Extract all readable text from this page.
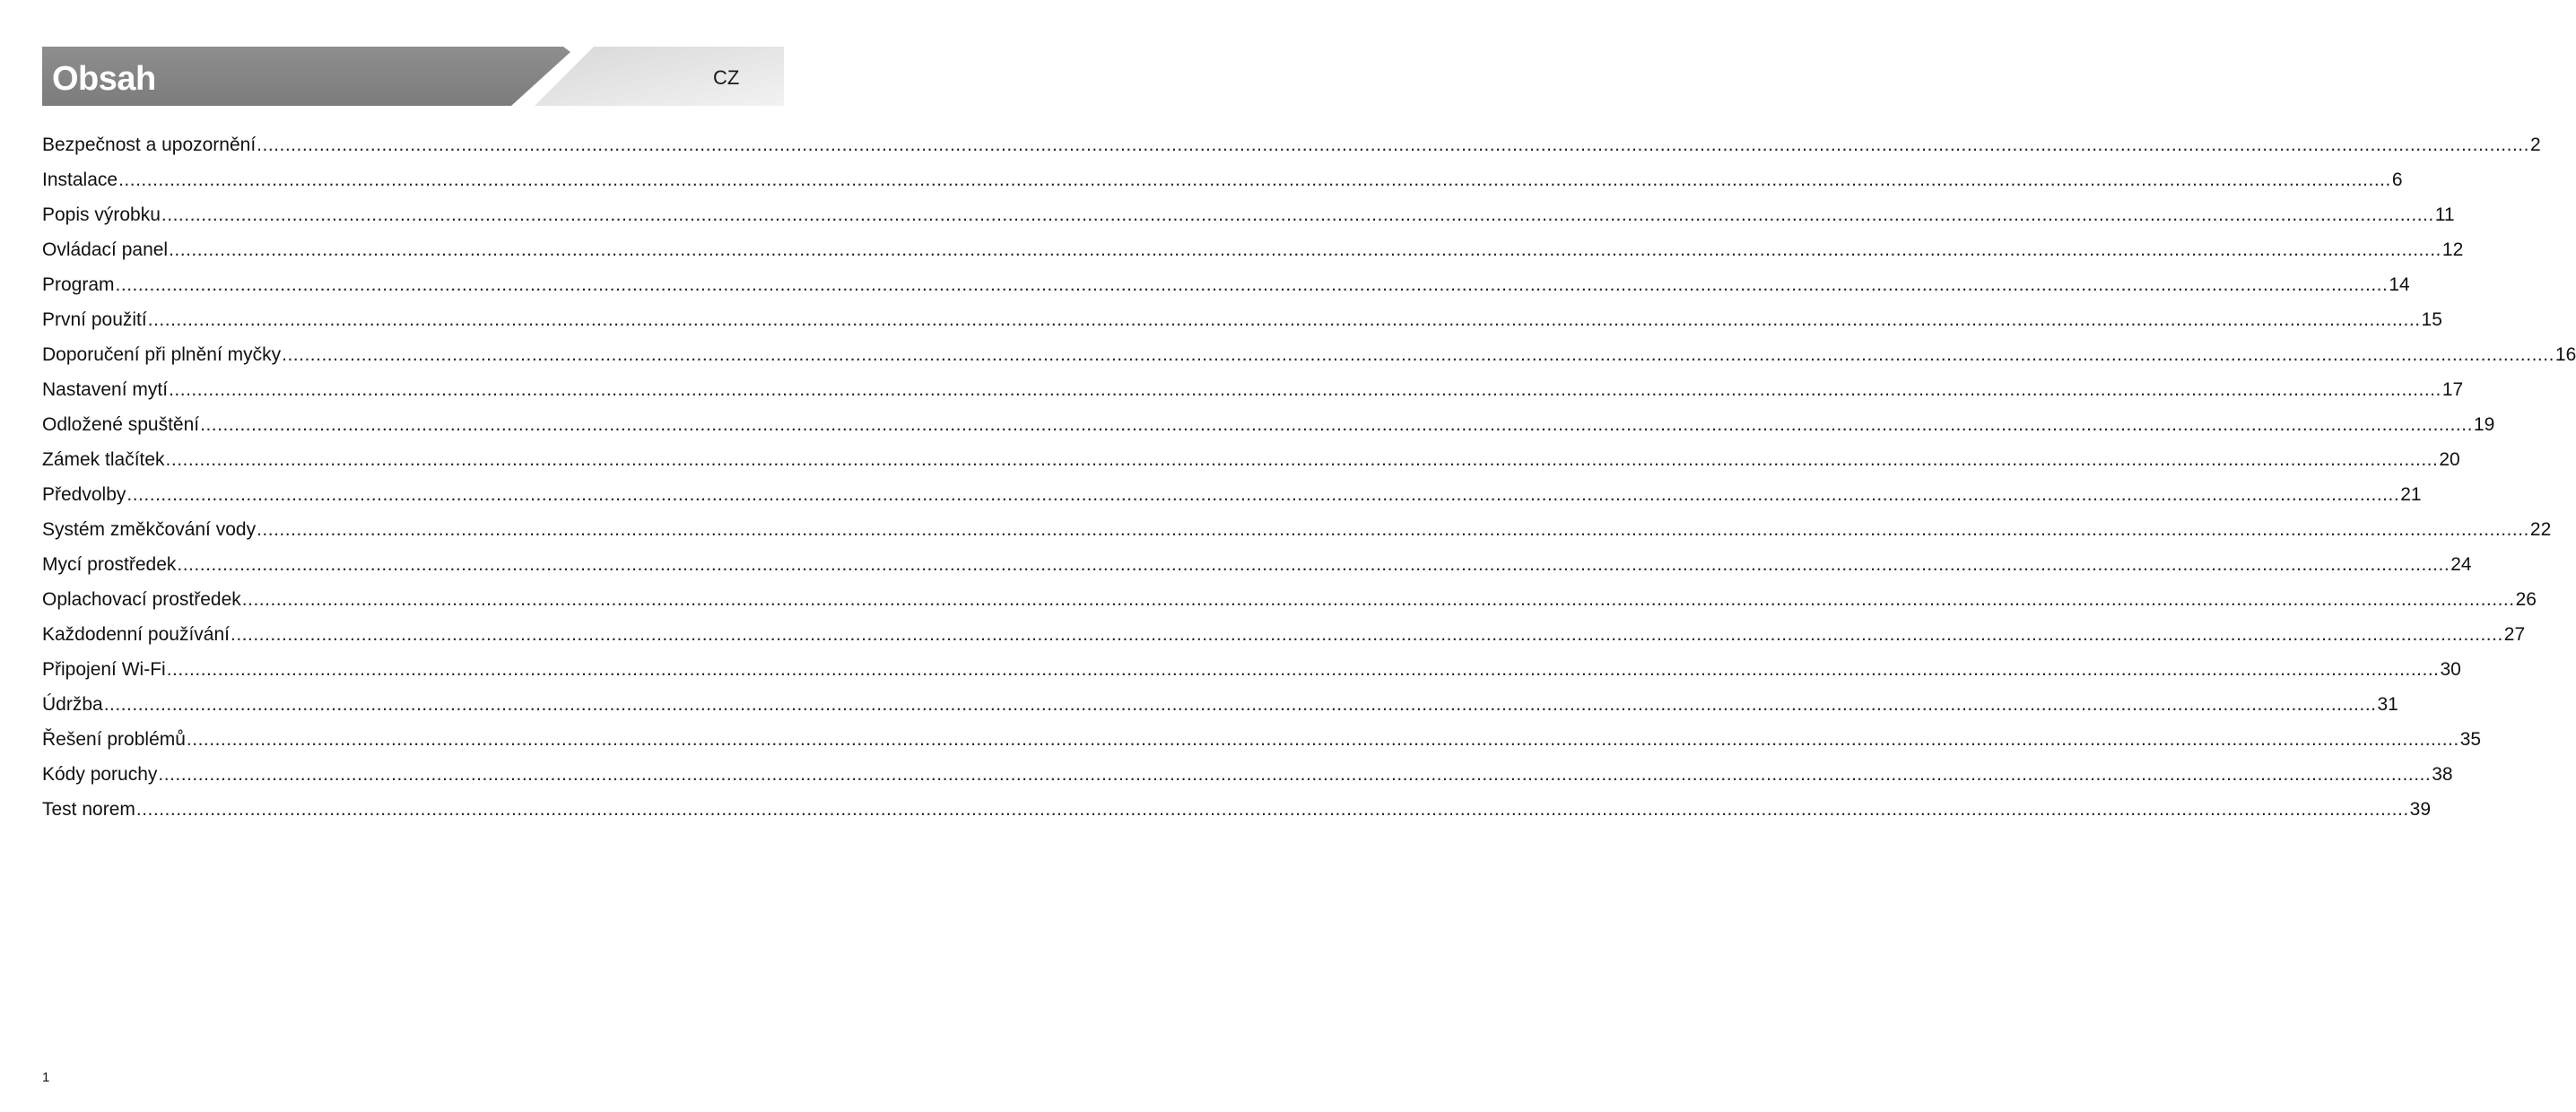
Obsah	CZ
Bezpečnost a upozornění ................................................................................................................................................................................................................................................................................................................................................................................................................ 2
Instalace ................................................................................................................................................................................................................................................................................................................................................................................................................ 6
Popis výrobku ................................................................................................................................................................................................................................................................................................................................................................................................................ 11
Ovládací panel ................................................................................................................................................................................................................................................................................................................................................................................................................ 12
Program ................................................................................................................................................................................................................................................................................................................................................................................................................ 14
První použití ................................................................................................................................................................................................................................................................................................................................................................................................................ 15
Doporučení při plnění myčky ................................................................................................................................................................................................................................................................................................................................................................................................................ 16
Nastavení mytí ................................................................................................................................................................................................................................................................................................................................................................................................................ 17
Odložené spuštění ................................................................................................................................................................................................................................................................................................................................................................................................................ 19
Zámek tlačítek ................................................................................................................................................................................................................................................................................................................................................................................................................ 20
Předvolby ................................................................................................................................................................................................................................................................................................................................................................................................................ 21
Systém změkčování vody ................................................................................................................................................................................................................................................................................................................................................................................................................ 22
Mycí prostředek ................................................................................................................................................................................................................................................................................................................................................................................................................ 24
Oplachovací prostředek ................................................................................................................................................................................................................................................................................................................................................................................................................ 26
Každodenní používání ................................................................................................................................................................................................................................................................................................................................................................................................................ 27
Připojení Wi-Fi ................................................................................................................................................................................................................................................................................................................................................................................................................ 30
Údržba ................................................................................................................................................................................................................................................................................................................................................................................................................ 31
Řešení problémů ................................................................................................................................................................................................................................................................................................................................................................................................................ 35
Kódy poruchy ................................................................................................................................................................................................................................................................................................................................................................................................................ 38
Test norem ................................................................................................................................................................................................................................................................................................................................................................................................................ 39
1
